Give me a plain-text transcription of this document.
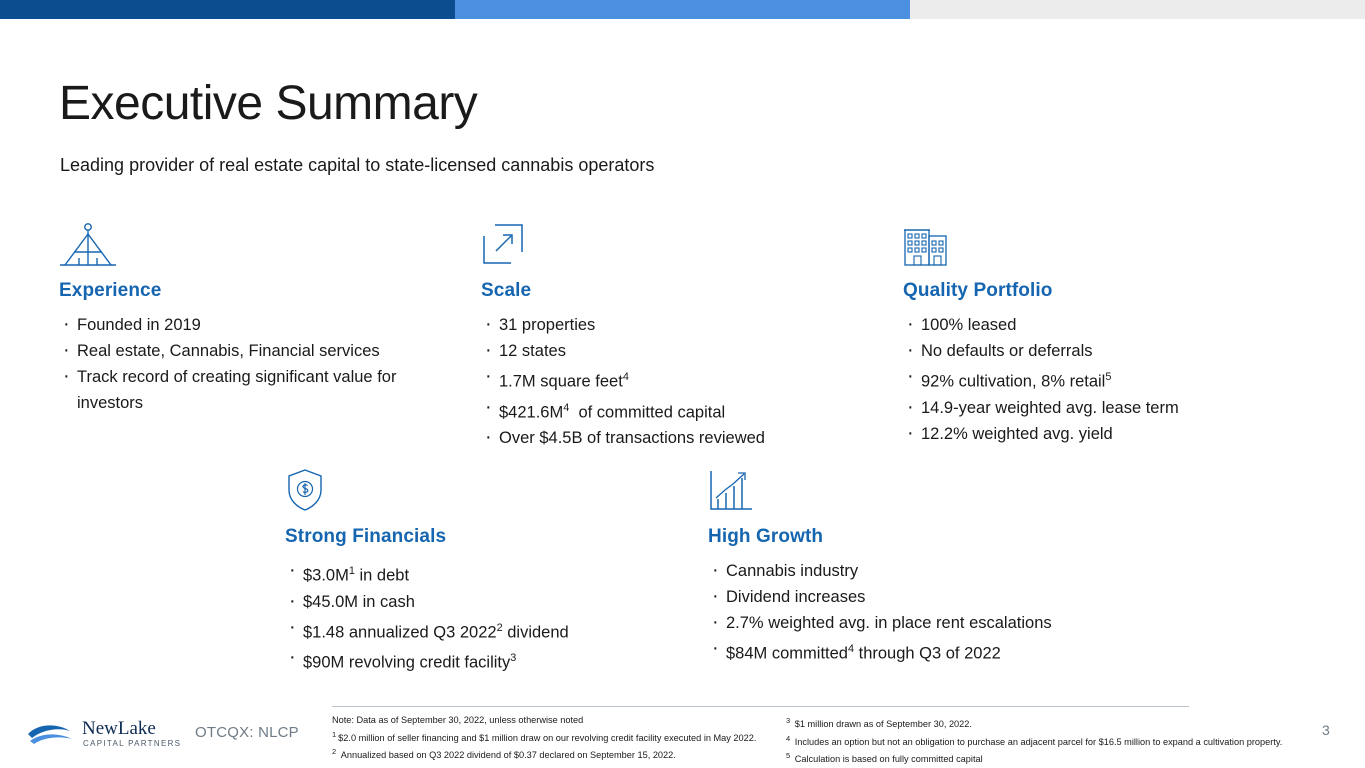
Executive Summary
Leading provider of real estate capital to state-licensed cannabis operators
Experience
· Founded in 2019
· Real estate, Cannabis, Financial services
· Track record of creating significant value for investors
Scale
· 31 properties
· 12 states
· 1.7M square feet$^4$
· $\$421.6M^4$  of committed capital
· Over $4.5B of transactions reviewed
Quality Portfolio
· 100% leased
· No defaults or deferrals
· 92% cultivation, 8% retail$^5$
· 14.9-year weighted avg. lease term
· 12.2% weighted avg. yield
Strong Financials
· $\$3.0M^1$ in debt
· $45.0M in cash
· $1.48 annualized Q3 2022$^2$ dividend
· $90M revolving credit facility$^3$
High Growth
· Cannabis industry
· Dividend increases
· 2.7% weighted avg. in place rent escalations
· $84M committed$^4$ through Q3 of 2022
NewLake
CAPITAL PARTNERS
OTCQX: NLCP
Note: Data as of September 30, 2022, unless otherwise noted
$^1$ $2.0 million of seller financing and $1 million draw on our revolving credit facility executed in May 2022.
$^2$ Annualized based on Q3 2022 dividend of $0.37 declared on September 15, 2022.
$^3$ $1 million drawn as of September 30, 2022.
$^4$ Includes an option but not an obligation to purchase an adjacent parcel for $16.5 million to expand a cultivation property.
$^5$ Calculation is based on fully committed capital
3
